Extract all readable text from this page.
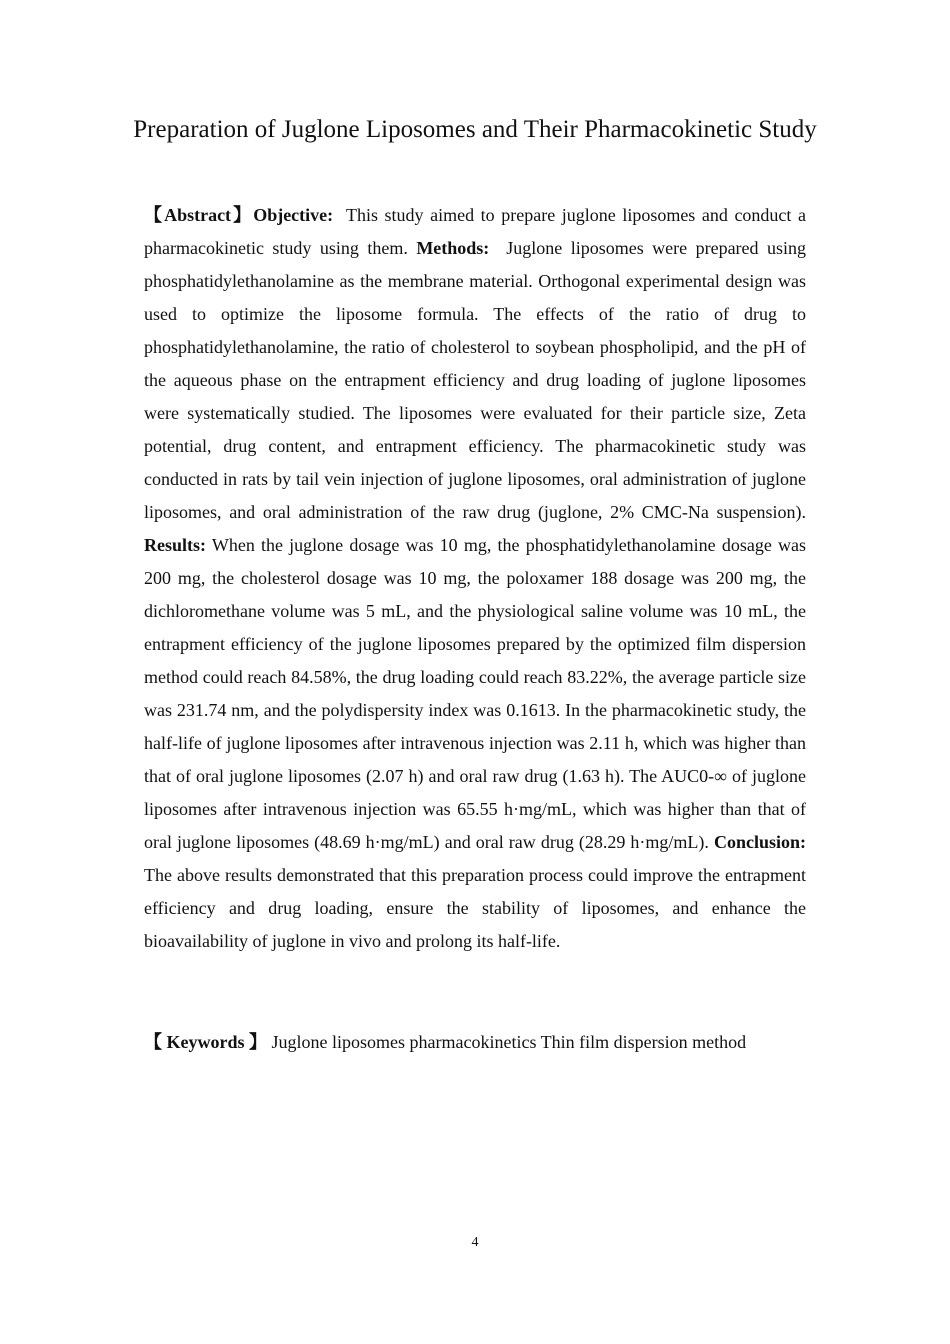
Preparation of Juglone Liposomes and Their Pharmacokinetic Study

【Abstract】Objective: This study aimed to prepare juglone liposomes and conduct a pharmacokinetic study using them. Methods: Juglone liposomes were prepared using phosphatidylethanolamine as the membrane material. Orthogonal experimental design was used to optimize the liposome formula. The effects of the ratio of drug to phosphatidylethanolamine, the ratio of cholesterol to soybean phospholipid, and the pH of the aqueous phase on the entrapment efficiency and drug loading of juglone liposomes were systematically studied. The liposomes were evaluated for their particle size, Zeta potential, drug content, and entrapment efficiency. The pharmacokinetic study was conducted in rats by tail vein injection of juglone liposomes, oral administration of juglone liposomes, and oral administration of the raw drug (juglone, 2% CMC-Na suspension). Results: When the juglone dosage was 10 mg, the phosphatidylethanolamine dosage was 200 mg, the cholesterol dosage was 10 mg, the poloxamer 188 dosage was 200 mg, the dichloromethane volume was 5 mL, and the physiological saline volume was 10 mL, the entrapment efficiency of the juglone liposomes prepared by the optimized film dispersion method could reach 84.58%, the drug loading could reach 83.22%, the average particle size was 231.74 nm, and the polydispersity index was 0.1613. In the pharmacokinetic study, the half-life of juglone liposomes after intravenous injection was 2.11 h, which was higher than that of oral juglone liposomes (2.07 h) and oral raw drug (1.63 h). The AUC0-∞ of juglone liposomes after intravenous injection was 65.55 h·mg/mL, which was higher than that of oral juglone liposomes (48.69 h·mg/mL) and oral raw drug (28.29 h·mg/mL). Conclusion: The above results demonstrated that this preparation process could improve the entrapment efficiency and drug loading, ensure the stability of liposomes, and enhance the bioavailability of juglone in vivo and prolong its half-life.

【 Keywords 】 Juglone liposomes pharmacokinetics Thin film dispersion method

4
